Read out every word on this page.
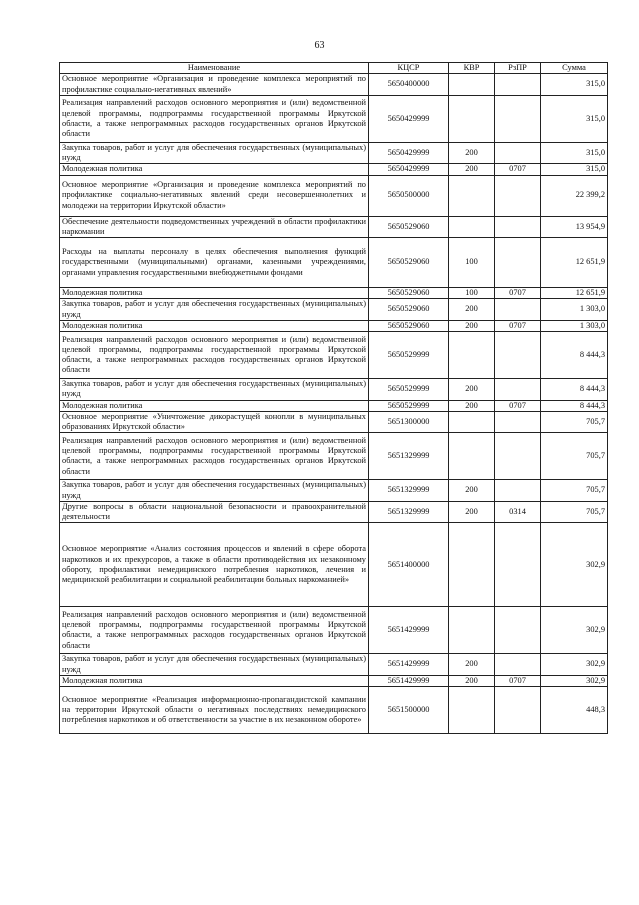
63
Наименование	КЦСР	КВР	РзПР	Сумма
Основное мероприятие «Организация и проведение комплекса мероприятий по профилактике социально-негативных явлений»	5650400000			315,0
Реализация направлений расходов основного мероприятия и (или) ведомственной целевой программы, подпрограммы государственной программы Иркутской области, а также непрограммных расходов государственных органов Иркутской области	5650429999			315,0
Закупка товаров, работ и услуг для обеспечения государственных (муниципальных) нужд	5650429999	200		315,0
Молодежная политика	5650429999	200	0707	315,0
Основное мероприятие «Организация и проведение комплекса мероприятий по профилактике социально-негативных явлений среди несовершеннолетних и молодежи на территории Иркутской области»	5650500000			22 399,2
Обеспечение деятельности подведомственных учреждений в области профилактики наркомании	5650529060			13 954,9
Расходы на выплаты персоналу в целях обеспечения выполнения функций государственными (муниципальными) органами, казенными учреждениями, органами управления государственными внебюджетными фондами	5650529060	100		12 651,9
Молодежная политика	5650529060	100	0707	12 651,9
Закупка товаров, работ и услуг для обеспечения государственных (муниципальных) нужд	5650529060	200		1 303,0
Молодежная политика	5650529060	200	0707	1 303,0
Реализация направлений расходов основного мероприятия и (или) ведомственной целевой программы, подпрограммы государственной программы Иркутской области, а также непрограммных расходов государственных органов Иркутской области	5650529999			8 444,3
Закупка товаров, работ и услуг для обеспечения государственных (муниципальных) нужд	5650529999	200		8 444,3
Молодежная политика	5650529999	200	0707	8 444,3
Основное мероприятие «Уничтожение дикорастущей конопли в муниципальных образованиях Иркутской области»	5651300000			705,7
Реализация направлений расходов основного мероприятия и (или) ведомственной целевой программы, подпрограммы государственной программы Иркутской области, а также непрограммных расходов государственных органов Иркутской области	5651329999			705,7
Закупка товаров, работ и услуг для обеспечения государственных (муниципальных) нужд	5651329999	200		705,7
Другие вопросы в области национальной безопасности и правоохранительной деятельности	5651329999	200	0314	705,7
Основное мероприятие «Анализ состояния процессов и явлений в сфере оборота наркотиков и их прекурсоров, а также в области противодействия их незаконному обороту, профилактики немедицинского потребления наркотиков, лечения и медицинской реабилитации и социальной реабилитации больных наркоманией»	5651400000			302,9
Реализация направлений расходов основного мероприятия и (или) ведомственной целевой программы, подпрограммы государственной программы Иркутской области, а также непрограммных расходов государственных органов Иркутской области	5651429999			302,9
Закупка товаров, работ и услуг для обеспечения государственных (муниципальных) нужд	5651429999	200		302,9
Молодежная политика	5651429999	200	0707	302,9
Основное мероприятие «Реализация информационно-пропагандистской кампании на территории Иркутской области о негативных последствиях немедицинского потребления наркотиков и об ответственности за участие в их незаконном обороте»	5651500000			448,3
